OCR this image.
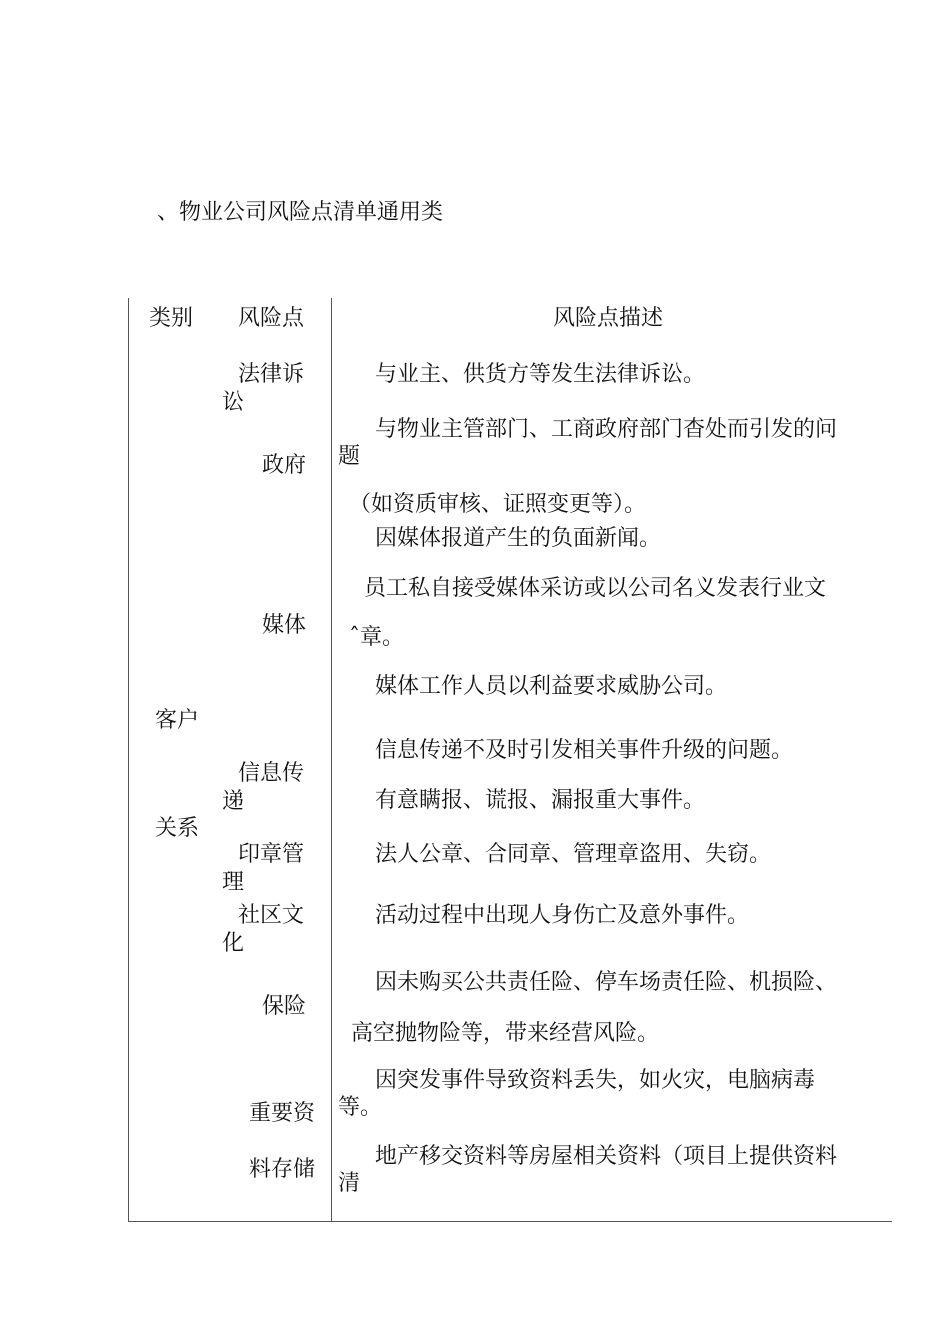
、物业公司风险点清单通用类
类别 风险点	风险点描述
客户
关系
法律诉
讼
政府
媒体
信息传
递
印章管
理
社区文
化
保险
重要资
料存储
与业主、供货方等发生法律诉讼。
与物业主管部门、工商政府部门杳处而引发的问
题
（如资质审核、证照变更等）。
因媒体报道产生的负面新闻。
员工私自接受媒体采访或以公司名义发表行业文
ˆ章。
媒体工作人员以利益要求威胁公司。
信息传递不及时引发相关事件升级的问题。
有意瞒报、谎报、漏报重大事件。
法人公章、合同章、管理章盗用、失窃。
活动过程中出现人身伤亡及意外事件。
因未购买公共责任险、停车场责任险、机损险、
高空抛物险等，带来经营风险。
因突发事件导致资料丢失，如火灾，电脑病毒
等。
地产移交资料等房屋相关资料（项目上提供资料
清
